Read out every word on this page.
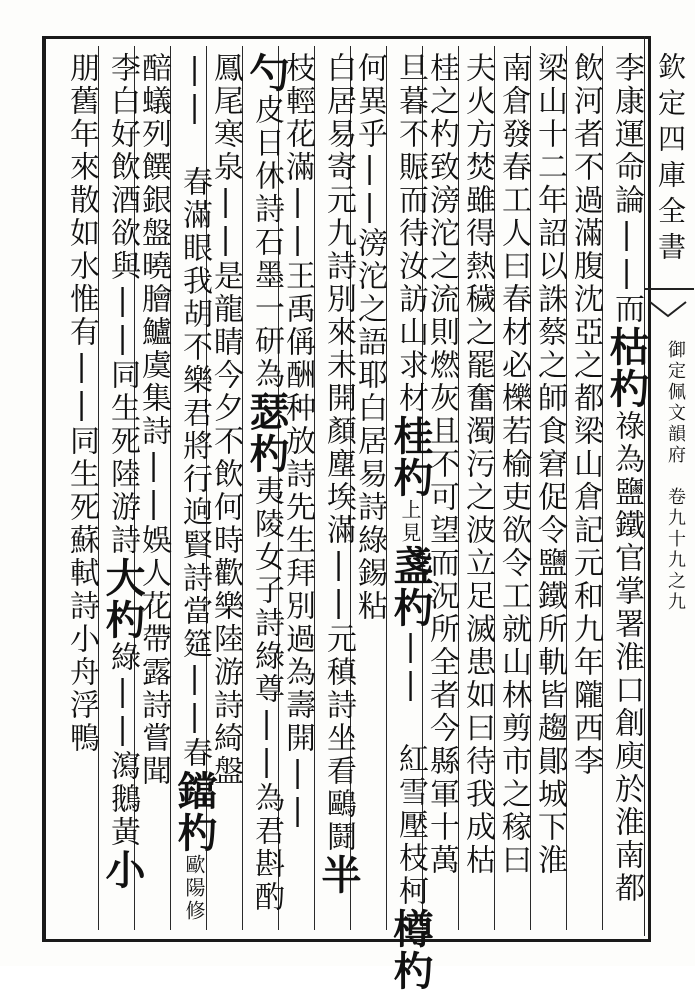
欽定四庫全書
御定佩文韻府　卷九十九之九
李康運命論||而枯杓祿為鹽鐵官掌署淮口創庾於淮南都
飲河者不過滿腹沈亞之都梁山倉記元和九年隴西李
梁山十二年詔以誅蔡之師食窘促令鹽鐵所軌皆趨鄖城下淮
南倉發春工人曰春材必櫟若榆吏欲令工就山林剪市之稼曰
夫火方焚雖得熱穢之罷奮濁污之波立足滅患如曰待我成枯
桂之杓致滂沱之流則燃灰且不可望而況所全者今縣軍十萬
旦暮不賑而待汝訪山求材桂杓上見盞杓|| 紅雪壓枝柯樽杓
何異乎||滂沱之語耶白居易詩綠錫粘
白居易寄元九詩別來未開顏塵埃滿||元稹詩坐看鷗鬪半
枝輕花滿||王禹偁酬种放詩先生拜別過為壽開||
勺皮日休詩石墨一研為瑟杓夷陵女子詩綠尊||為君斟酌
鳳尾寒泉||是龍睛今夕不飲何時歡樂陸游詩綺盤
|| 春滿眼我胡不樂君將行逈賢詩當筵||春鐺杓歐陽修
醅蟻列饌銀盤曉膾鱸虞集詩||娛人花帶露詩嘗聞
李白好飲酒欲與||同生死陸游詩大杓綠||瀉鵝黃小
朋舊年來散如水惟有||同生死蘇軾詩小舟浮鴨
